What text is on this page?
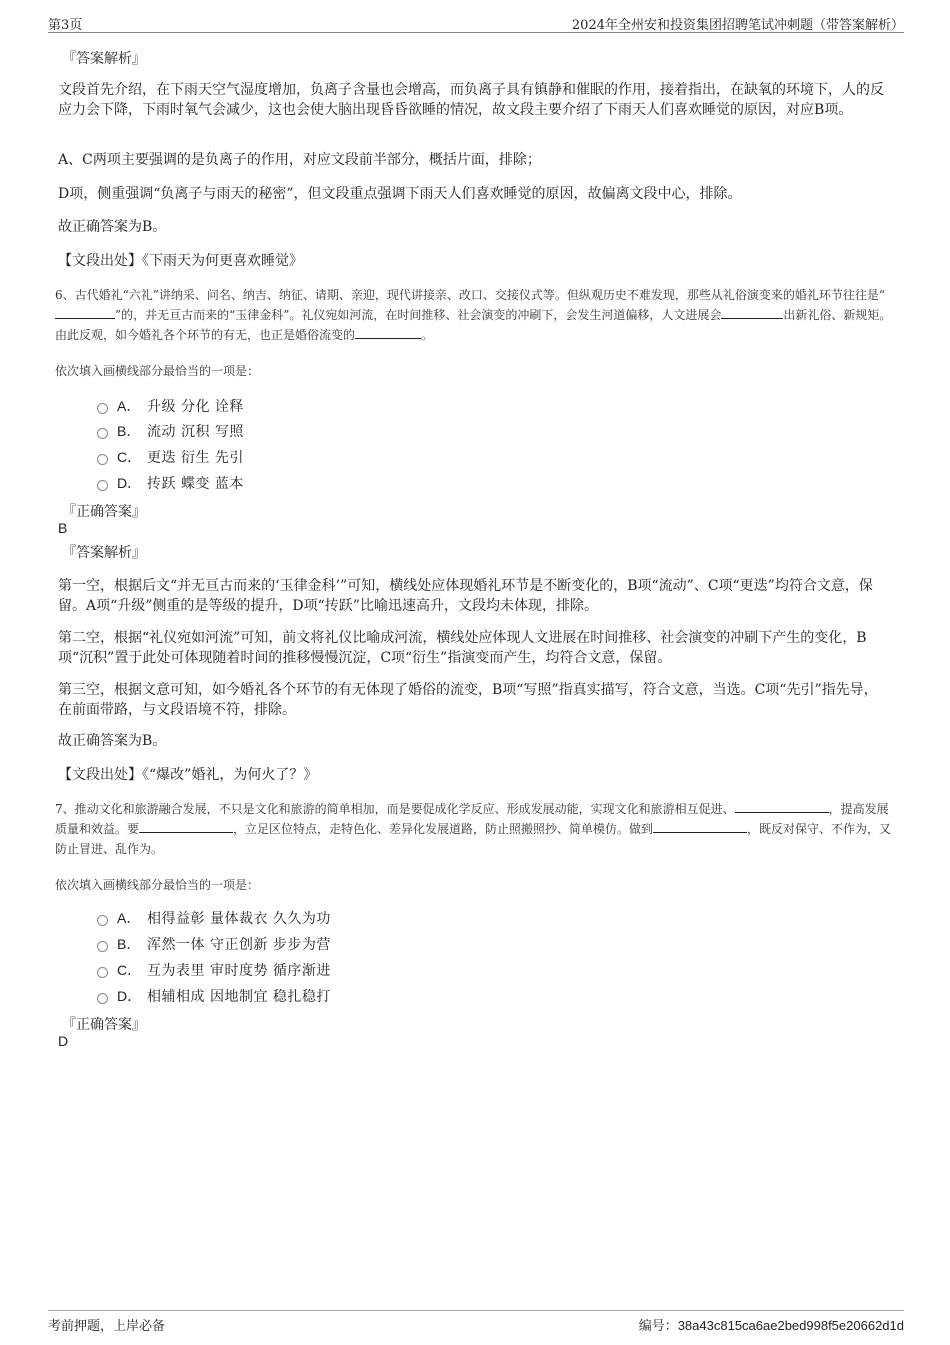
第3页	2024年全州安和投资集团招聘笔试冲刺题（带答案解析）
『答案解析』
文段首先介绍，在下雨天空气湿度增加，负离子含量也会增高，而负离子具有镇静和催眠的作用，接着指出，在缺氧的环境下，人的反应力会下降，下雨时氧气会减少，这也会使大脑出现昏昏欲睡的情况，故文段主要介绍了下雨天人们喜欢睡觉的原因，对应B项。
A、C两项主要强调的是负离子的作用，对应文段前半部分，概括片面，排除；
D项，侧重强调“负离子与雨天的秘密”，但文段重点强调下雨天人们喜欢睡觉的原因，故偏离文段中心，排除。
故正确答案为B。
【文段出处】《下雨天为何更喜欢睡觉》
6、古代婚礼“六礼”讲纳采、问名、纳吉、纳征、请期、亲迎，现代讲接亲、改口、交接仪式等。但纵观历史不难发现，那些从礼俗演变来的婚礼环节往往是“ ”的，并无亘古而来的“玉律金科”。礼仪宛如河流，在时间推移、社会演变的冲刷下，会发生河道偏移，人文进展会	出新礼俗、新规矩。由此反观，如今婚礼各个环节的有无，也正是婚俗流变的	。
依次填入画横线部分最恰当的一项是：
A． 升级 分化 诠释
B． 流动 沉积 写照
C． 更迭 衍生 先引
D． 抟跃 蝶变 蓝本
『正确答案』
B
『答案解析』
第一空，根据后文“并无亘古而来的‘玉律金科’”可知，横线处应体现婚礼环节是不断变化的，B项“流动”、C项“更迭”均符合文意，保留。A项“升级”侧重的是等级的提升，D项“抟跃”比喻迅速高升，文段均未体现，排除。
第二空，根据“礼仪宛如河流”可知，前文将礼仪比喻成河流，横线处应体现人文进展在时间推移、社会演变的冲刷下产生的变化，B项“沉积”置于此处可体现随着时间的推移慢慢沉淀，C项“衍生”指演变而产生，均符合文意，保留。
第三空，根据文意可知，如今婚礼各个环节的有无体现了婚俗的流变，B项“写照”指真实描写，符合文意，当选。C项“先引”指先导，在前面带路，与文段语境不符，排除。
故正确答案为B。
【文段出处】《“爆改”婚礼，为何火了？》
7、推动文化和旅游融合发展，不只是文化和旅游的简单相加，而是要促成化学反应、形成发展动能，实现文化和旅游相互促进、	，提高发展质量和效益。要	，立足区位特点，走特色化、差异化发展道路，防止照搬照抄、简单模仿。做到	，既反对保守、不作为，又防止冒进、乱作为。
依次填入画横线部分最恰当的一项是：
A． 相得益彰 量体裁衣 久久为功
B． 浑然一体 守正创新 步步为营
C． 互为表里 审时度势 循序渐进
D． 相辅相成 因地制宜 稳扎稳打
『正确答案』
D
考前押题，上岸必备	编号：38a43c815ca6ae2bed998f5e20662d1d
